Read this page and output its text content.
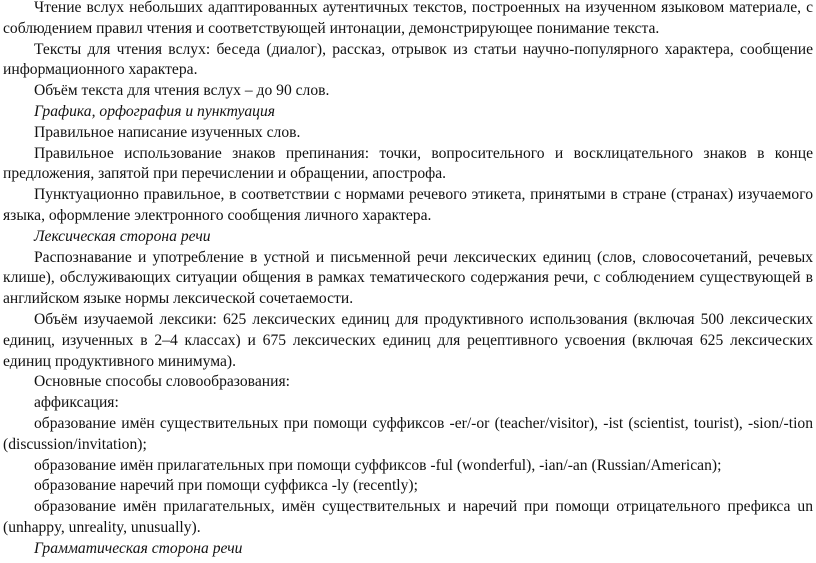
Чтение вслух небольших адаптированных аутентичных текстов, построенных на изученном языковом материале, с соблюдением правил чтения и соответствующей интонации, демонстрирующее понимание текста.

Тексты для чтения вслух: беседа (диалог), рассказ, отрывок из статьи научно-популярного характера, сообщение информационного характера.

Объём текста для чтения вслух – до 90 слов.

Графика, орфография и пунктуация

Правильное написание изученных слов.

Правильное использование знаков препинания: точки, вопросительного и восклицательного знаков в конце предложения, запятой при перечислении и обращении, апострофа.

Пунктуационно правильное, в соответствии с нормами речевого этикета, принятыми в стране (странах) изучаемого языка, оформление электронного сообщения личного характера.

Лексическая сторона речи

Распознавание и употребление в устной и письменной речи лексических единиц (слов, словосочетаний, речевых клише), обслуживающих ситуации общения в рамках тематического содержания речи, с соблюдением существующей в английском языке нормы лексической сочетаемости.

Объём изучаемой лексики: 625 лексических единиц для продуктивного использования (включая 500 лексических единиц, изученных в 2–4 классах) и 675 лексических единиц для рецептивного усвоения (включая 625 лексических единиц продуктивного минимума).

Основные способы словообразования:

аффиксация:

образование имён существительных при помощи суффиксов -er/-or (teacher/visitor), -ist (scientist, tourist), -sion/-tion (discussion/invitation);

образование имён прилагательных при помощи суффиксов -ful (wonderful), -ian/-an (Russian/American);

образование наречий при помощи суффикса -ly (recently);

образование имён прилагательных, имён существительных и наречий при помощи отрицательного префикса un (unhappy, unreality, unusually).

Грамматическая сторона речи
